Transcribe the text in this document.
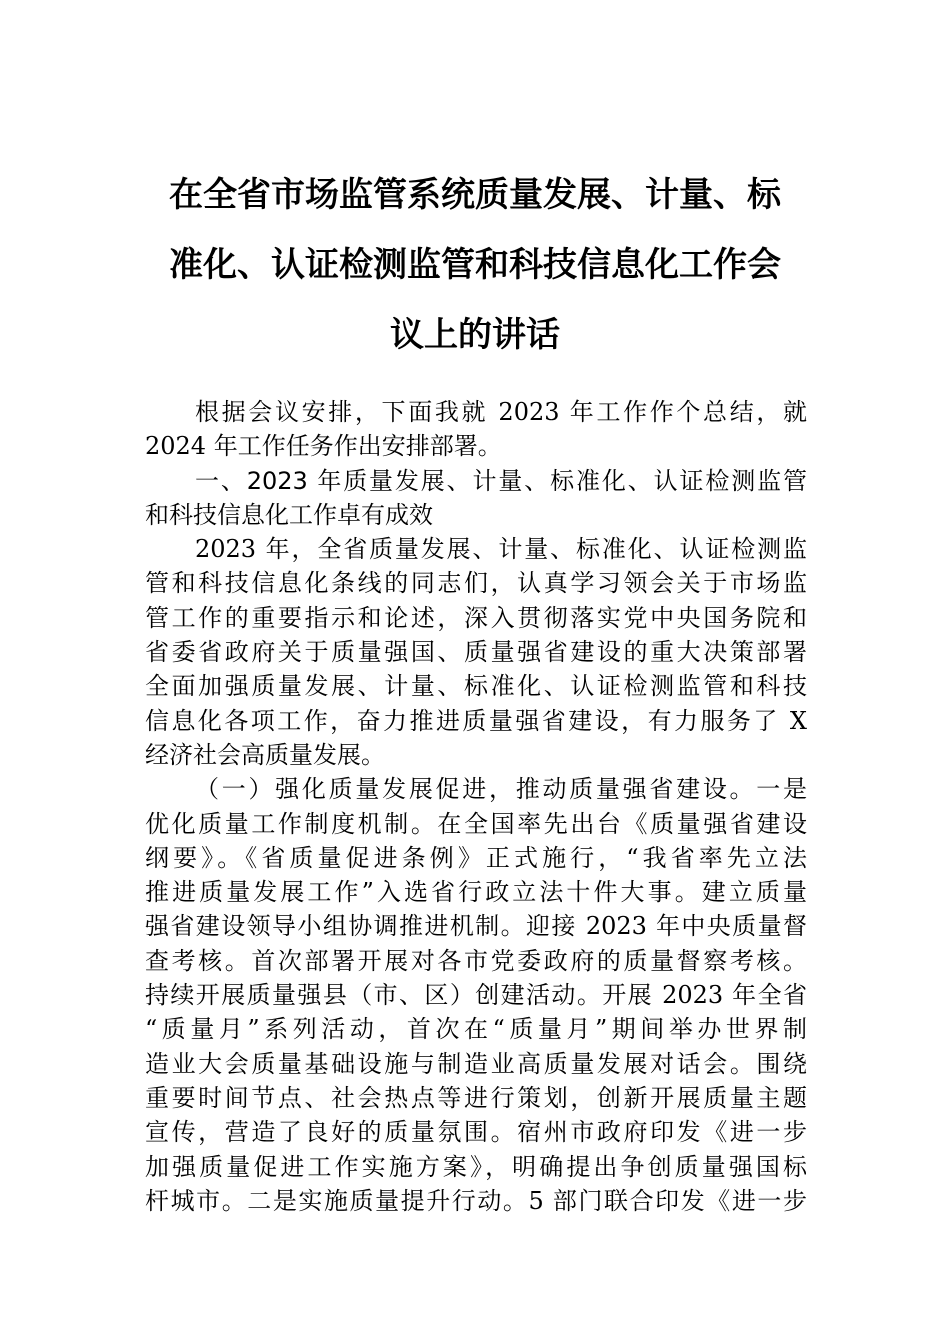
在全省市场监管系统质量发展、计量、标
准化、认证检测监管和科技信息化工作会
议上的讲话
根据会议安排，下面我就 2023 年工作作个总结，就
2024 年工作任务作出安排部署。
一、2023 年质量发展、计量、标准化、认证检测监管
和科技信息化工作卓有成效
2023 年，全省质量发展、计量、标准化、认证检测监
管和科技信息化条线的同志们，认真学习领会关于市场监
管工作的重要指示和论述，深入贯彻落实党中央国务院和
省委省政府关于质量强国、质量强省建设的重大决策部署
全面加强质量发展、计量、标准化、认证检测监管和科技
信息化各项工作，奋力推进质量强省建设，有力服务了 X
经济社会高质量发展。
（一）强化质量发展促进，推动质量强省建设。一是
优化质量工作制度机制。在全国率先出台《质量强省建设
纲要》。《省质量促进条例》正式施行，“我省率先立法
推进质量发展工作”入选省行政立法十件大事。建立质量
强省建设领导小组协调推进机制。迎接 2023 年中央质量督
查考核。首次部署开展对各市党委政府的质量督察考核。
持续开展质量强县（市、区）创建活动。开展 2023 年全省
“质量月”系列活动，首次在“质量月”期间举办世界制
造业大会质量基础设施与制造业高质量发展对话会。围绕
重要时间节点、社会热点等进行策划，创新开展质量主题
宣传，营造了良好的质量氛围。宿州市政府印发《进一步
加强质量促进工作实施方案》，明确提出争创质量强国标
杆城市。二是实施质量提升行动。5 部门联合印发《进一步
